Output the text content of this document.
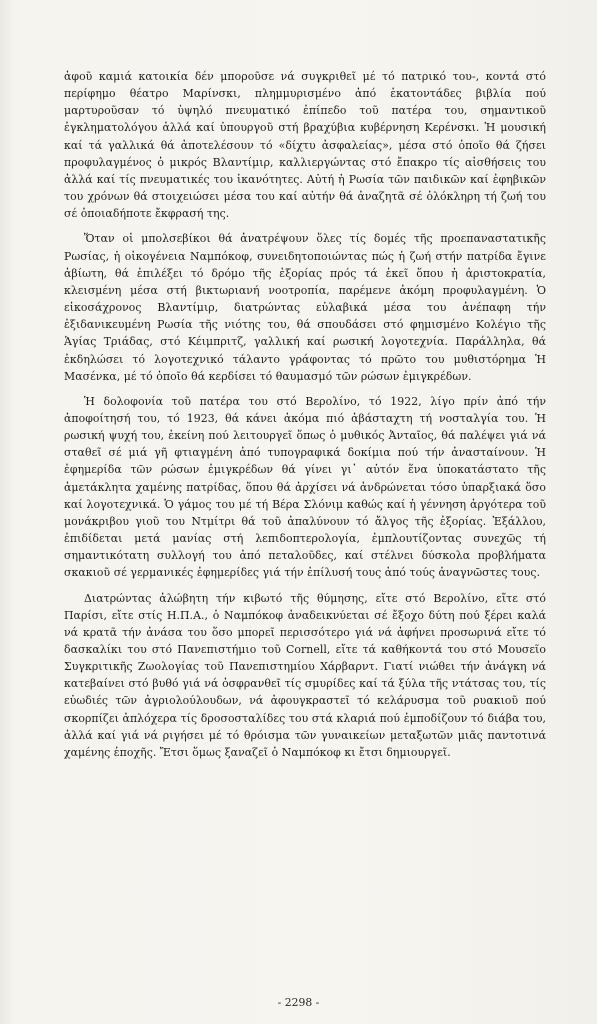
ἀφοῦ καμιά κατοικία δέν μποροῦσε νά συγκριθεῖ μέ τό πατρικό του-, κοντά στό περίφημο θέατρο Μαρίνσκι, πλημμυρισμένο ἀπό ἑκατοντάδες βιβλία πού μαρτυροῦσαν τό ὑψηλό πνευματικό ἐπίπεδο τοῦ πατέρα του, σημαντικοῦ ἐγκληματολόγου ἀλλά καί ὑπουργοῦ στή βραχύβια κυβέρνηση Κερένσκι. Ἡ μουσική καί τά γαλλικά θά ἀποτελέσουν τό «δίχτυ ἀσφαλείας», μέσα στό ὁποῖο θά ζήσει προφυλαγμένος ὁ μικρός Βλαντίμιρ, καλλιεργώντας στό ἔπακρο τίς αἰσθήσεις του ἀλλά καί τίς πνευματικές του ἱκανότητες. Αὐτή ἡ Ρωσία τῶν παιδικῶν καί ἐφηβικῶν του χρόνων θά στοιχειώσει μέσα του καί αὐτήν θά ἀναζητᾶ σέ ὁλόκληρη τή ζωή του σέ ὁποιαδήποτε ἔκφρασή της.

Ὅταν οἱ μπολσεβίκοι θά ἀνατρέψουν ὅλες τίς δομές τῆς προεπαναστατικῆς Ρωσίας, ἡ οἰκογένεια Ναμπόκοφ, συνειδητοποιώντας πώς ἡ ζωή στήν πατρίδα ἔγινε ἀβίωτη, θά ἐπιλέξει τό δρόμο τῆς ἐξορίας πρός τά ἐκεῖ ὅπου ἡ ἀριστοκρατία, κλεισμένη μέσα στή βικτωριανή νοοτροπία, παρέμενε ἀκόμη προφυλαγμένη. Ὁ εἰκοσάχρονος Βλαντίμιρ, διατρώντας εὐλαβικά μέσα του ἀνέπαφη τήν ἐξιδανικευμένη Ρωσία τῆς νιότης του, θά σπουδάσει στό φημισμένο Κολέγιο τῆς Ἁγίας Τριάδας, στό Κέιμπριτζ, γαλλική καί ρωσική λογοτεχνία. Παράλληλα, θά ἐκδηλώσει τό λογοτεχνικό τάλαντο γράφοντας τό πρῶτο του μυθιστόρημα Ἡ Μασένκα, μέ τό ὁποῖο θά κερδίσει τό θαυμασμό τῶν ρώσων ἐμιγκρέδων.

Ἡ δολοφονία τοῦ πατέρα του στό Βερολίνο, τό 1922, λίγο πρίν ἀπό τήν ἀποφοίτησή του, τό 1923, θά κάνει ἀκόμα πιό ἀβάσταχτη τή νοσταλγία του. Ἡ ρωσική ψυχή του, ἐκείνη πού λειτουργεῖ ὅπως ὁ μυθικός Ἀνταῖος, θά παλέψει γιά νά σταθεῖ σέ μιά γῆ φτιαγμένη ἀπό τυπογραφικά δοκίμια πού τήν ἀνασταίνουν. Ἡ ἐφημερίδα τῶν ρώσων ἐμιγκρέδων θά γίνει γι᾽ αὐτόν ἕνα ὑποκατάστατο τῆς ἀμετάκλητα χαμένης πατρίδας, ὅπου θά ἀρχίσει νά ἀνδρώνεται τόσο ὑπαρξιακά ὅσο καί λογοτεχνικά. Ὁ γάμος του μέ τή Βέρα Σλόνιμ καθώς καί ἡ γέννηση ἀργότερα τοῦ μονάκριβου γιοῦ του Ντμίτρι θά τοῦ ἀπαλύνουν τό ἄλγος τῆς ἐξορίας. Ἐξάλλου, ἐπιδίδεται μετά μανίας στή λεπιδοπτερολογία, ἐμπλουτίζοντας συνεχῶς τή σημαντικότατη συλλογή του ἀπό πεταλοῦδες, καί στέλνει δύσκολα προβλήματα σκακιοῦ σέ γερμανικές ἐφημερίδες γιά τήν ἐπίλυσή τους ἀπό τούς ἀναγνῶστες τους.

Διατρώντας ἀλώβητη τήν κιβωτό τῆς θύμησης, εἴτε στό Βερολίνο, εἴτε στό Παρίσι, εἴτε στίς Η.Π.Α., ὁ Ναμπόκοφ ἀναδεικνύεται σέ ἔξοχο δύτη πού ξέρει καλά νά κρατᾶ τήν ἀνάσα του ὅσο μπορεῖ περισσότερο γιά νά ἀφήνει προσωρινά εἴτε τό δασκαλίκι του στό Πανεπιστήμιο τοῦ Cornell, εἴτε τά καθήκοντά του στό Μουσεῖο Συγκριτικῆς Ζωολογίας τοῦ Πανεπιστημίου Χάρβαρντ. Γιατί νιώθει τήν ἀνάγκη νά κατεβαίνει στό βυθό γιά νά ὀσφρανθεῖ τίς σμυρίδες καί τά ξύλα τῆς ντάτσας του, τίς εὐωδιές τῶν ἀγριολούλουδων, νά ἀφουγκραστεῖ τό κελάρυσμα τοῦ ρυακιοῦ πού σκορπίζει ἀπλόχερα τίς δροσοσταλίδες του στά κλαριά πού ἐμποδίζουν τό διάβα του, ἀλλά καί γιά νά ριγήσει μέ τό θρόισμα τῶν γυναικείων μεταξωτῶν μιᾶς παντοτινά χαμένης ἐποχῆς. Ἔτσι ὅμως ξαναζεῖ ὁ Ναμπόκοφ κι ἔτσι δημιουργεῖ.

- 2298 -
